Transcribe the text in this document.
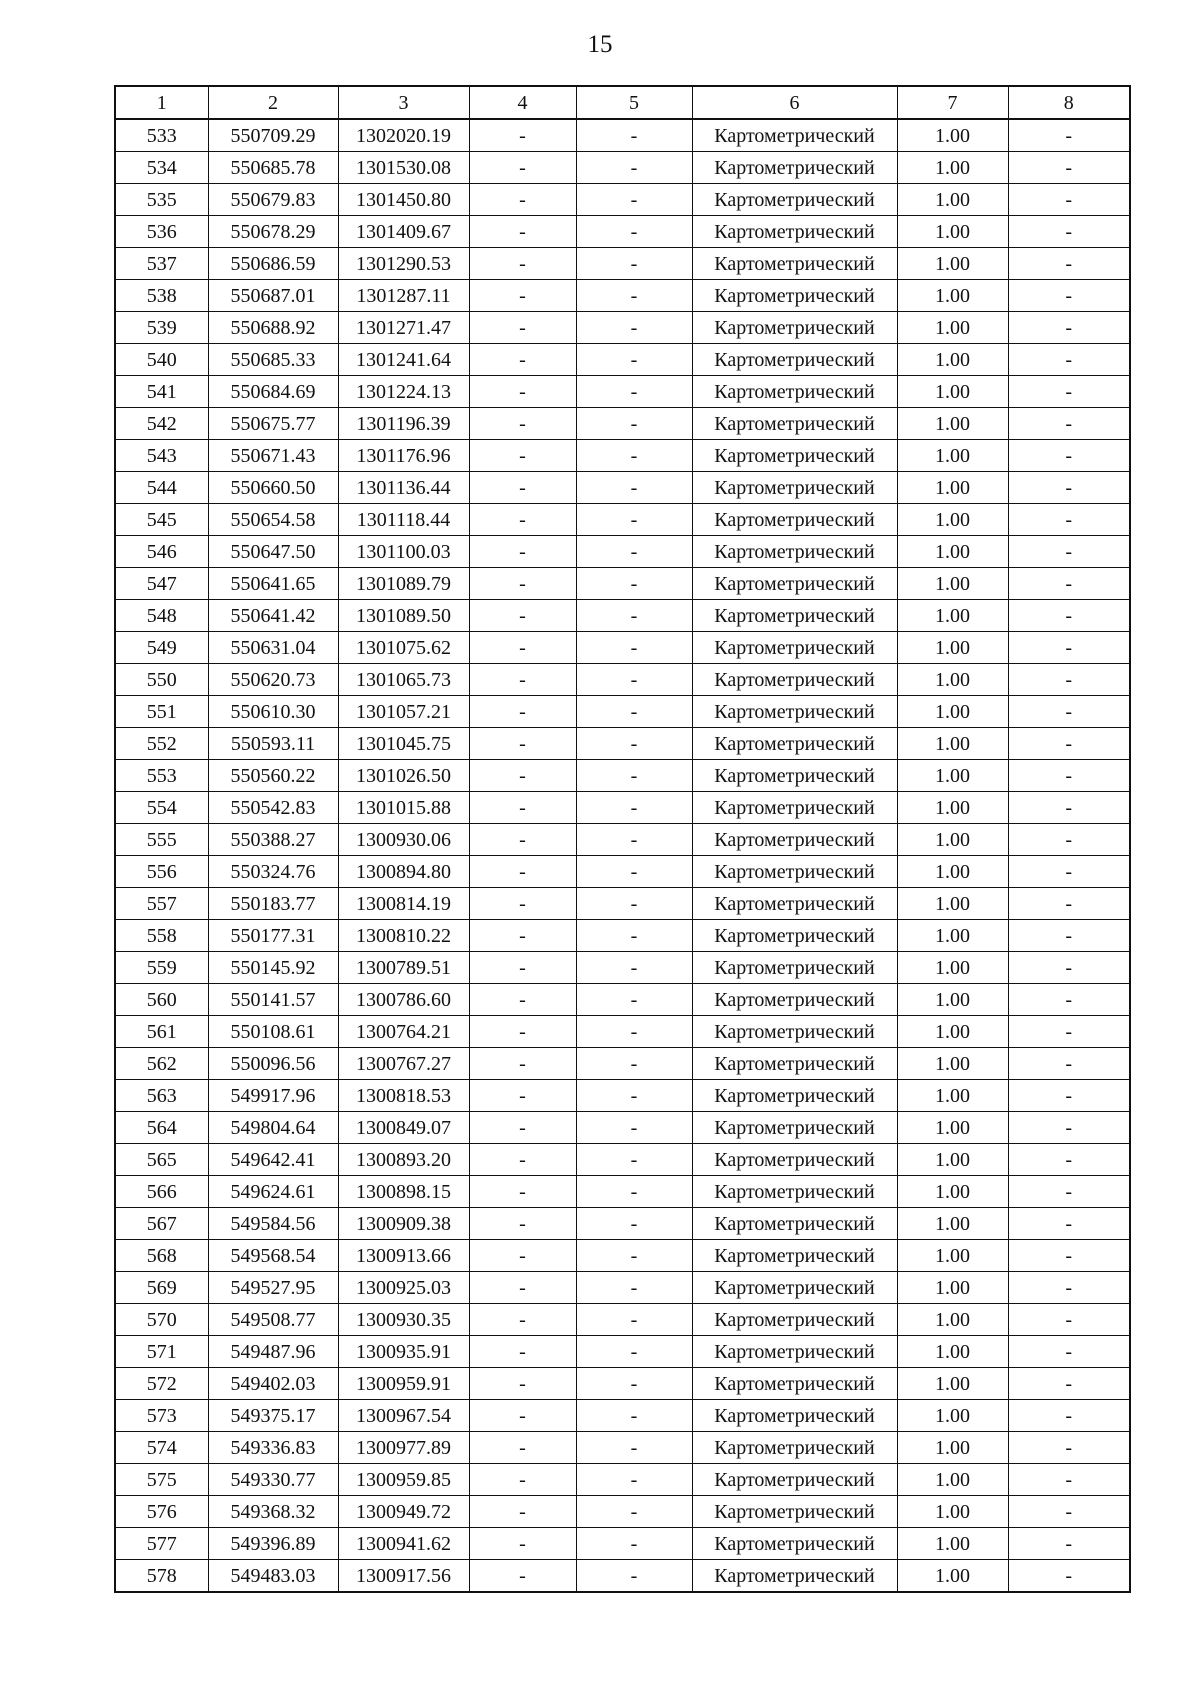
15
1	2	3	4	5	6	7	8
533	550709.29	1302020.19	-	-	Картометрический	1.00	-
534	550685.78	1301530.08	-	-	Картометрический	1.00	-
535	550679.83	1301450.80	-	-	Картометрический	1.00	-
536	550678.29	1301409.67	-	-	Картометрический	1.00	-
537	550686.59	1301290.53	-	-	Картометрический	1.00	-
538	550687.01	1301287.11	-	-	Картометрический	1.00	-
539	550688.92	1301271.47	-	-	Картометрический	1.00	-
540	550685.33	1301241.64	-	-	Картометрический	1.00	-
541	550684.69	1301224.13	-	-	Картометрический	1.00	-
542	550675.77	1301196.39	-	-	Картометрический	1.00	-
543	550671.43	1301176.96	-	-	Картометрический	1.00	-
544	550660.50	1301136.44	-	-	Картометрический	1.00	-
545	550654.58	1301118.44	-	-	Картометрический	1.00	-
546	550647.50	1301100.03	-	-	Картометрический	1.00	-
547	550641.65	1301089.79	-	-	Картометрический	1.00	-
548	550641.42	1301089.50	-	-	Картометрический	1.00	-
549	550631.04	1301075.62	-	-	Картометрический	1.00	-
550	550620.73	1301065.73	-	-	Картометрический	1.00	-
551	550610.30	1301057.21	-	-	Картометрический	1.00	-
552	550593.11	1301045.75	-	-	Картометрический	1.00	-
553	550560.22	1301026.50	-	-	Картометрический	1.00	-
554	550542.83	1301015.88	-	-	Картометрический	1.00	-
555	550388.27	1300930.06	-	-	Картометрический	1.00	-
556	550324.76	1300894.80	-	-	Картометрический	1.00	-
557	550183.77	1300814.19	-	-	Картометрический	1.00	-
558	550177.31	1300810.22	-	-	Картометрический	1.00	-
559	550145.92	1300789.51	-	-	Картометрический	1.00	-
560	550141.57	1300786.60	-	-	Картометрический	1.00	-
561	550108.61	1300764.21	-	-	Картометрический	1.00	-
562	550096.56	1300767.27	-	-	Картометрический	1.00	-
563	549917.96	1300818.53	-	-	Картометрический	1.00	-
564	549804.64	1300849.07	-	-	Картометрический	1.00	-
565	549642.41	1300893.20	-	-	Картометрический	1.00	-
566	549624.61	1300898.15	-	-	Картометрический	1.00	-
567	549584.56	1300909.38	-	-	Картометрический	1.00	-
568	549568.54	1300913.66	-	-	Картометрический	1.00	-
569	549527.95	1300925.03	-	-	Картометрический	1.00	-
570	549508.77	1300930.35	-	-	Картометрический	1.00	-
571	549487.96	1300935.91	-	-	Картометрический	1.00	-
572	549402.03	1300959.91	-	-	Картометрический	1.00	-
573	549375.17	1300967.54	-	-	Картометрический	1.00	-
574	549336.83	1300977.89	-	-	Картометрический	1.00	-
575	549330.77	1300959.85	-	-	Картометрический	1.00	-
576	549368.32	1300949.72	-	-	Картометрический	1.00	-
577	549396.89	1300941.62	-	-	Картометрический	1.00	-
578	549483.03	1300917.56	-	-	Картометрический	1.00	-
